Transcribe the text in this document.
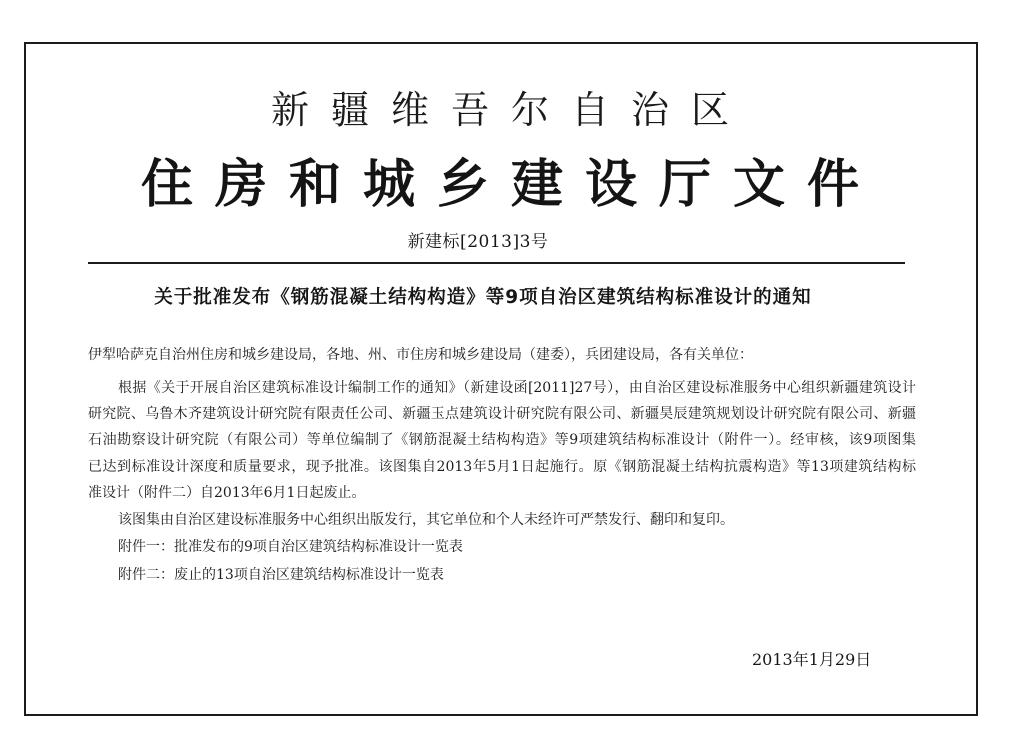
新疆维吾尔自治区
住房和城乡建设厅文件
新建标[2013]3号
关于批准发布《钢筋混凝土结构构造》等9项自治区建筑结构标准设计的通知
伊犁哈萨克自治州住房和城乡建设局，各地、州、市住房和城乡建设局（建委），兵团建设局，各有关单位：
根据《关于开展自治区建筑标准设计编制工作的通知》（新建设函[2011]27号），由自治区建设标准服务中心组织新疆建筑设计
研究院、乌鲁木齐建筑设计研究院有限责任公司、新疆玉点建筑设计研究院有限公司、新疆昊辰建筑规划设计研究院有限公司、新疆
石油勘察设计研究院（有限公司）等单位编制了《钢筋混凝土结构构造》等9项建筑结构标准设计（附件一）。经审核，该9项图集
已达到标准设计深度和质量要求，现予批准。该图集自2013年5月1日起施行。原《钢筋混凝土结构抗震构造》等13项建筑结构标
准设计（附件二）自2013年6月1日起废止。
该图集由自治区建设标准服务中心组织出版发行，其它单位和个人未经许可严禁发行、翻印和复印。
附件一：批准发布的9项自治区建筑结构标准设计一览表
附件二：废止的13项自治区建筑结构标准设计一览表
2013年1月29日
